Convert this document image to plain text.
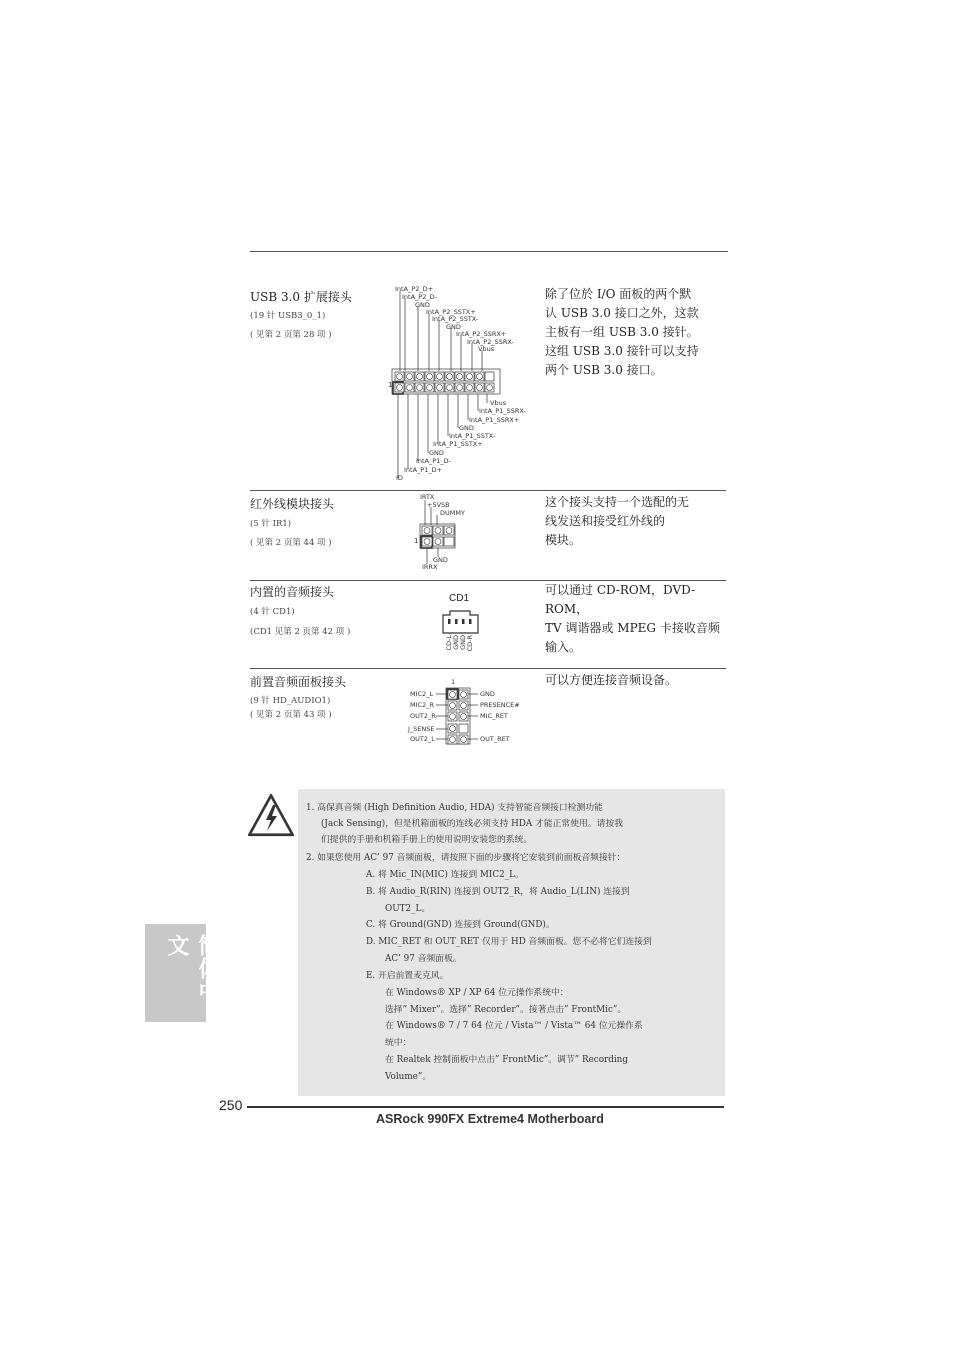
USB 3.0 扩展接头
(19 针 USB3_0_1)
( 见第 2 页第 28 项 )
除了位於 I/O 面板的两个默
认 USB 3.0 接口之外，这款
主板有一组 USB 3.0 接针。
这组 USB 3.0 接针可以支持
两个 USB 3.0 接口。
IntA_P2_D+
IntA_P2_D-
GND
IntA_P2_SSTX+
IntA_P2_SSTX-
GND
IntA_P2_SSRX+
IntA_P2_SSRX-
Vbus
1
Vbus
IntA_P1_SSRX-
IntA_P1_SSRX+
GND
IntA_P1_SSTX-
IntA_P1_SSTX+
GND
IntA_P1_D-
IntA_P1_D+
ID
红外线模块接头
(5 针 IR1)
( 见第 2 页第 44 项 )
这个接头支持一个选配的无
线发送和接受红外线的
模块。
IRTX
+5VSB
DUMMY
1
GND
IRRX
内置的音频接头
(4 针 CD1)
(CD1 见第 2 页第 42 项 )
可以通过 CD-ROM，DVD-ROM，
TV 调谐器或 MPEG 卡接收音频
输入。
CD1
CD-L GND GND CD-R
前置音频面板接头
(9 针 HD_AUDIO1)
( 见第 2 页第 43 项 )
可以方便连接音频设备。
1
MIC2_L
MIC2_R
OUT2_R
J_SENSE
OUT2_L
GND
PRESENCE#
MIC_RET
OUT_RET
1. 高保真音频 (High Definition Audio, HDA) 支持智能音频接口检测功能
(Jack Sensing)，但是机箱面板的连线必须支持 HDA 才能正常使用。请按我
们提供的手册和机箱手册上的使用说明安装您的系统。
2. 如果您使用 AC’ 97 音频面板，请按照下面的步骤将它安装到前面板音频接针：
A. 将 Mic_IN(MIC) 连接到 MIC2_L。
B. 将 Audio_R(RIN) 连接到 OUT2_R，将 Audio_L(LIN) 连接到
OUT2_L。
C. 将 Ground(GND) 连接到 Ground(GND)。
D. MIC_RET 和 OUT_RET 仅用于 HD 音频面板。您不必将它们连接到
AC’ 97 音频面板。
E. 开启前置麦克风。
在 Windows® XP / XP 64 位元操作系统中：
选择” Mixer”。选择” Recorder”。接著点击” FrontMic”。
在 Windows® 7 / 7 64 位元 / Vista™ / Vista™ 64 位元操作系
统中：
在 Realtek 控制面板中点击” FrontMic”。调节” Recording
Volume”。
简体中文
250
ASRock 990FX Extreme4 Motherboard
